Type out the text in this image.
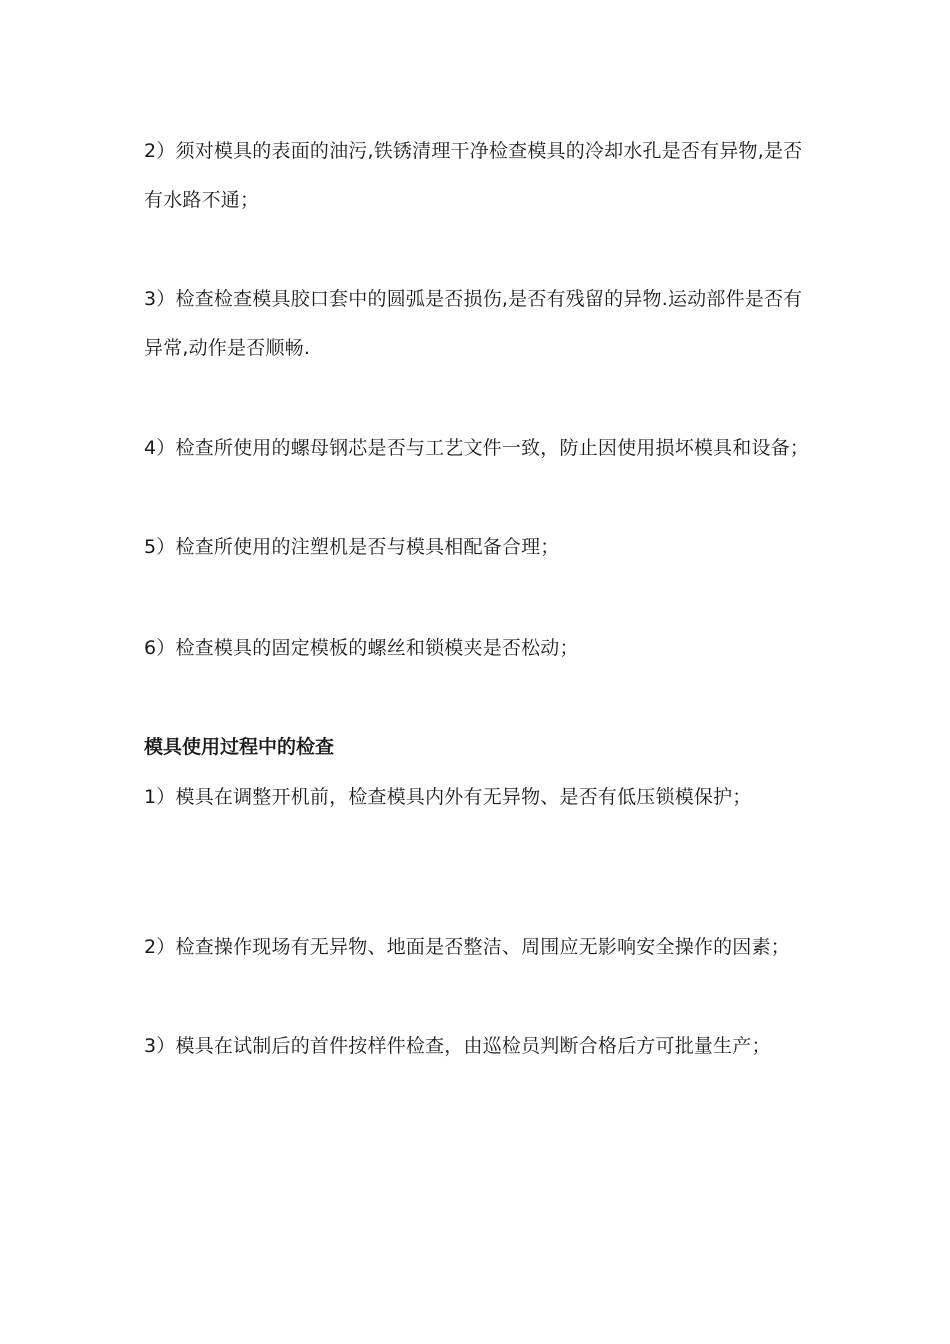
2）须对模具的表面的油污,铁锈清理干净检查模具的冷却水孔是否有异物,是否有水路不通；

3）检查检查模具胶口套中的圆弧是否损伤,是否有残留的异物.运动部件是否有异常,动作是否顺畅.

4）检查所使用的螺母钢芯是否与工艺文件一致，防止因使用损坏模具和设备；

5）检查所使用的注塑机是否与模具相配备合理；

6）检查模具的固定模板的螺丝和锁模夹是否松动；

模具使用过程中的检查

1）模具在调整开机前，检查模具内外有无异物、是否有低压锁模保护；

2）检查操作现场有无异物、地面是否整洁、周围应无影响安全操作的因素；

3）模具在试制后的首件按样件检查，由巡检员判断合格后方可批量生产；
